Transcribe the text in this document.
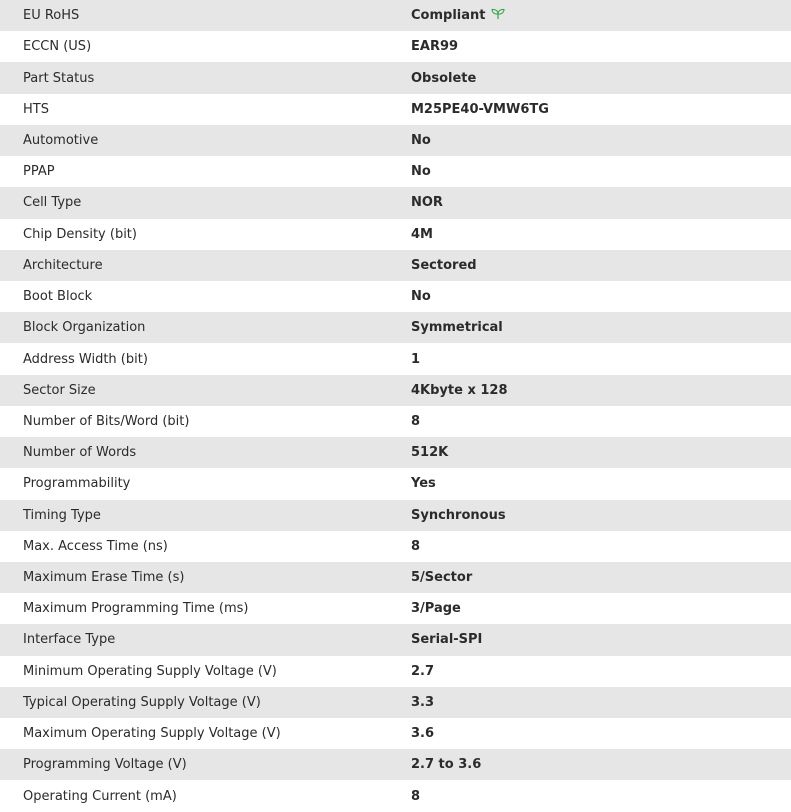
EU RoHS	Compliant
ECCN (US)	EAR99
Part Status	Obsolete
HTS	M25PE40-VMW6TG
Automotive	No
PPAP	No
Cell Type	NOR
Chip Density (bit)	4M
Architecture	Sectored
Boot Block	No
Block Organization	Symmetrical
Address Width (bit)	1
Sector Size	4Kbyte x 128
Number of Bits/Word (bit)	8
Number of Words	512K
Programmability	Yes
Timing Type	Synchronous
Max. Access Time (ns)	8
Maximum Erase Time (s)	5/Sector
Maximum Programming Time (ms)	3/Page
Interface Type	Serial-SPI
Minimum Operating Supply Voltage (V)	2.7
Typical Operating Supply Voltage (V)	3.3
Maximum Operating Supply Voltage (V)	3.6
Programming Voltage (V)	2.7 to 3.6
Operating Current (mA)	8
